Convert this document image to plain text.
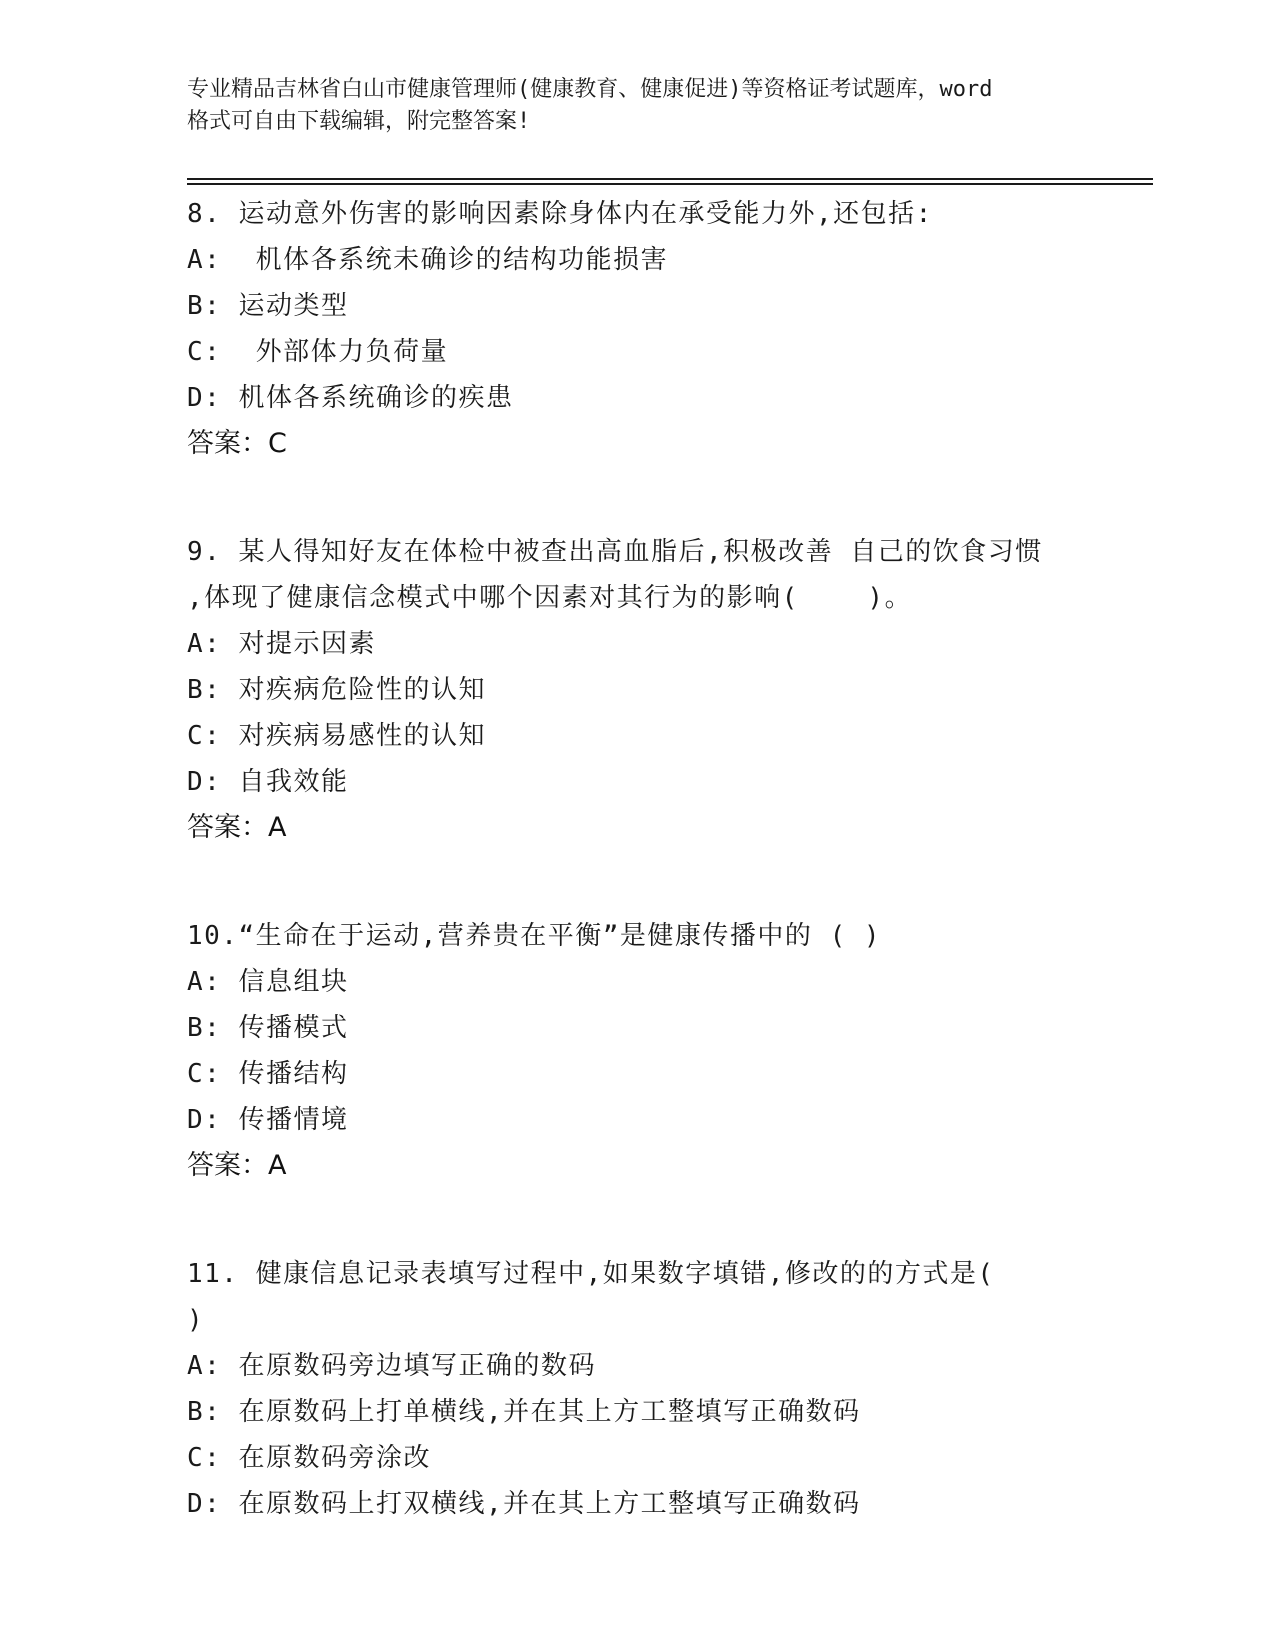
专业精品吉林省白山市健康管理师(健康教育、健康促进)等资格证考试题库，word
格式可自由下载编辑，附完整答案!
8. 运动意外伤害的影响因素除身体内在承受能力外,还包括:
A:  机体各系统未确诊的结构功能损害
B: 运动类型
C:  外部体力负荷量
D: 机体各系统确诊的疾患
答案：C
9. 某人得知好友在体检中被查出高血脂后,积极改善 自己的饮食习惯
,体现了健康信念模式中哪个因素对其行为的影响(    )。
A: 对提示因素
B: 对疾病危险性的认知
C: 对疾病易感性的认知
D: 自我效能
答案：A
10.“生命在于运动,营养贵在平衡”是健康传播中的 ( )
A: 信息组块
B: 传播模式
C: 传播结构
D: 传播情境
答案：A
11. 健康信息记录表填写过程中,如果数字填错,修改的的方式是(
)
A: 在原数码旁边填写正确的数码
B: 在原数码上打单横线,并在其上方工整填写正确数码
C: 在原数码旁涂改
D: 在原数码上打双横线,并在其上方工整填写正确数码
